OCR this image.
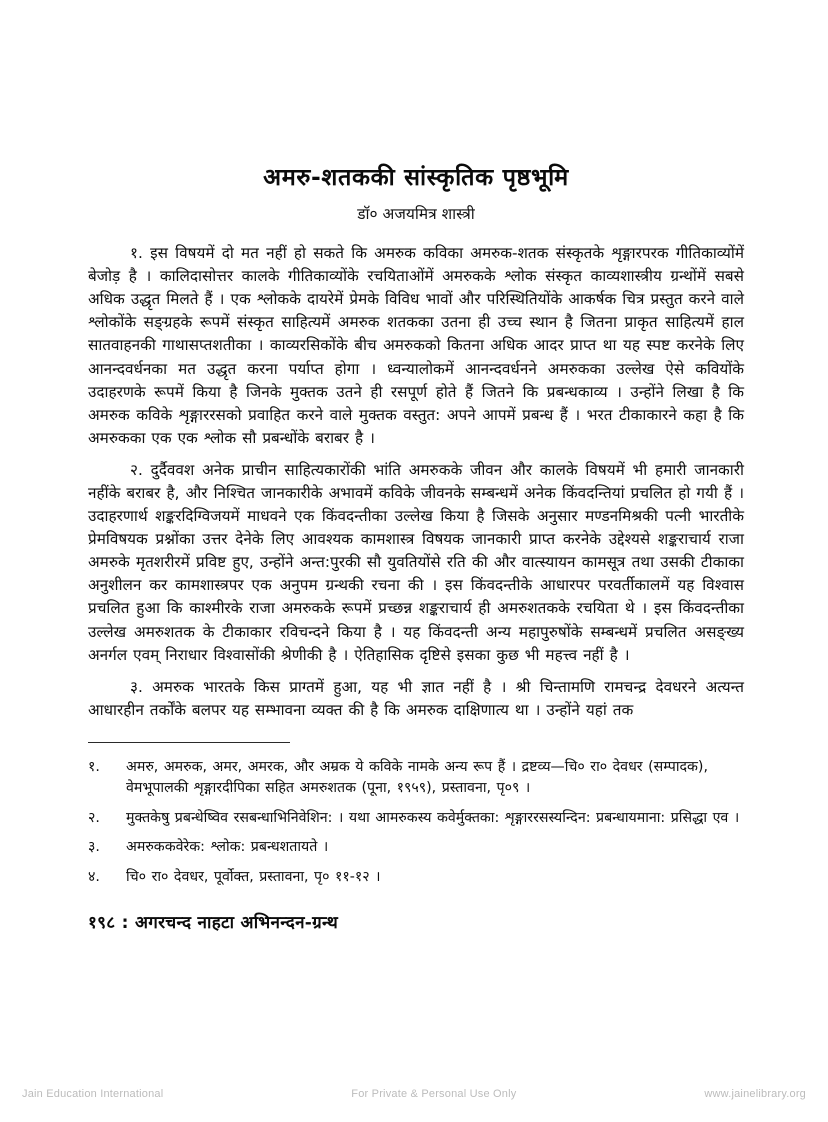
अमरु-शतककी सांस्कृतिक पृष्ठभूमि
डॉ० अजयमित्र शास्त्री

१. इस विषयमें दो मत नहीं हो सकते कि अमरुक कविका अमरुक-शतक संस्कृतके शृङ्गारपरक गीतिकाव्योंमें बेजोड़ है । कालिदासोत्तर कालके गीतिकाव्योंके रचयिताओंमें अमरुकके श्लोक संस्कृत काव्यशास्त्रीय ग्रन्थोंमें सबसे अधिक उद्धृत मिलते हैं । एक श्लोकके दायरेमें प्रेमके विविध भावों और परिस्थितियोंके आकर्षक चित्र प्रस्तुत करने वाले श्लोकोंके सङ्ग्रहके रूपमें संस्कृत साहित्यमें अमरुक शतकका उतना ही उच्च स्थान है जितना प्राकृत साहित्यमें हाल सातवाहनकी गाथासप्तशतीका । काव्यरसिकोंके बीच अमरुकको कितना अधिक आदर प्राप्त था यह स्पष्ट करनेके लिए आनन्दवर्धनका मत उद्धृत करना पर्याप्त होगा । ध्वन्यालोकमें आनन्दवर्धनने अमरुकका उल्लेख ऐसे कवियोंके उदाहरणके रूपमें किया है जिनके मुक्तक उतने ही रसपूर्ण होते हैं जितने कि प्रबन्धकाव्य । उन्होंने लिखा है कि अमरुक कविके शृङ्गाररसको प्रवाहित करने वाले मुक्तक वस्तुत: अपने आपमें प्रबन्ध हैं । भरत टीकाकारने कहा है कि अमरुकका एक एक श्लोक सौ प्रबन्धोंके बराबर है ।

२. दुर्दैववश अनेक प्राचीन साहित्यकारोंकी भांति अमरुकके जीवन और कालके विषयमें भी हमारी जानकारी नहींके बराबर है, और निश्चित जानकारीके अभावमें कविके जीवनके सम्बन्धमें अनेक किंवदन्तियां प्रचलित हो गयी हैं । उदाहरणार्थ शङ्करदिग्विजयमें माधवने एक किंवदन्तीका उल्लेख किया है जिसके अनुसार मण्डनमिश्रकी पत्नी भारतीके प्रेमविषयक प्रश्नोंका उत्तर देनेके लिए आवश्यक कामशास्त्र विषयक जानकारी प्राप्त करनेके उद्देश्यसे शङ्कराचार्य राजा अमरुके मृतशरीरमें प्रविष्ट हुए, उन्होंने अन्त:पुरकी सौ युवतियोंसे रति की और वात्स्यायन कामसूत्र तथा उसकी टीकाका अनुशीलन कर कामशास्त्रपर एक अनुपम ग्रन्थकी रचना की । इस किंवदन्तीके आधारपर परवर्तीकालमें यह विश्वास प्रचलित हुआ कि काश्मीरके राजा अमरुकके रूपमें प्रच्छन्न शङ्कराचार्य ही अमरुशतकके रचयिता थे । इस किंवदन्तीका उल्लेख अमरुशतक के टीकाकार रविचन्दने किया है । यह किंवदन्ती अन्य महापुरुषोंके सम्बन्धमें प्रचलित असङ्ख्य अनर्गल एवम् निराधार विश्वासोंकी श्रेणीकी है । ऐतिहासिक दृष्टिसे इसका कुछ भी महत्त्व नहीं है ।

३. अमरुक भारतके किस प्राग्तमें हुआ, यह भी ज्ञात नहीं है । श्री चिन्तामणि रामचन्द्र देवधरने अत्यन्त आधारहीन तर्कोंके बलपर यह सम्भावना व्यक्त की है कि अमरुक दाक्षिणात्य था । उन्होंने यहां तक

१.	अमरु, अमरुक, अमर, अमरक, और अम्रक ये कविके नामके अन्य रूप हैं । द्रष्टव्य—चि० रा० देवधर (सम्पादक), वेमभूपालकी शृङ्गारदीपिका सहित अमरुशतक (पूना, १९५९), प्रस्तावना, पृ०९ ।
२.	मुक्तकेषु प्रबन्धेष्विव रसबन्धाभिनिवेशिन: । यथा आमरुकस्य कवेर्मुक्तका: शृङ्गाररसस्यन्दिन: प्रबन्धायमाना: प्रसिद्धा एव ।
३.	अमरुककवेरेक: श्लोक: प्रबन्धशतायते ।
४.	चि० रा० देवधर, पूर्वोक्त, प्रस्तावना, पृ० ११-१२ ।
१९८ : अगरचन्द नाहटा अभिनन्दन-ग्रन्थ
Jain Education International	For Private & Personal Use Only	www.jainelibrary.org
